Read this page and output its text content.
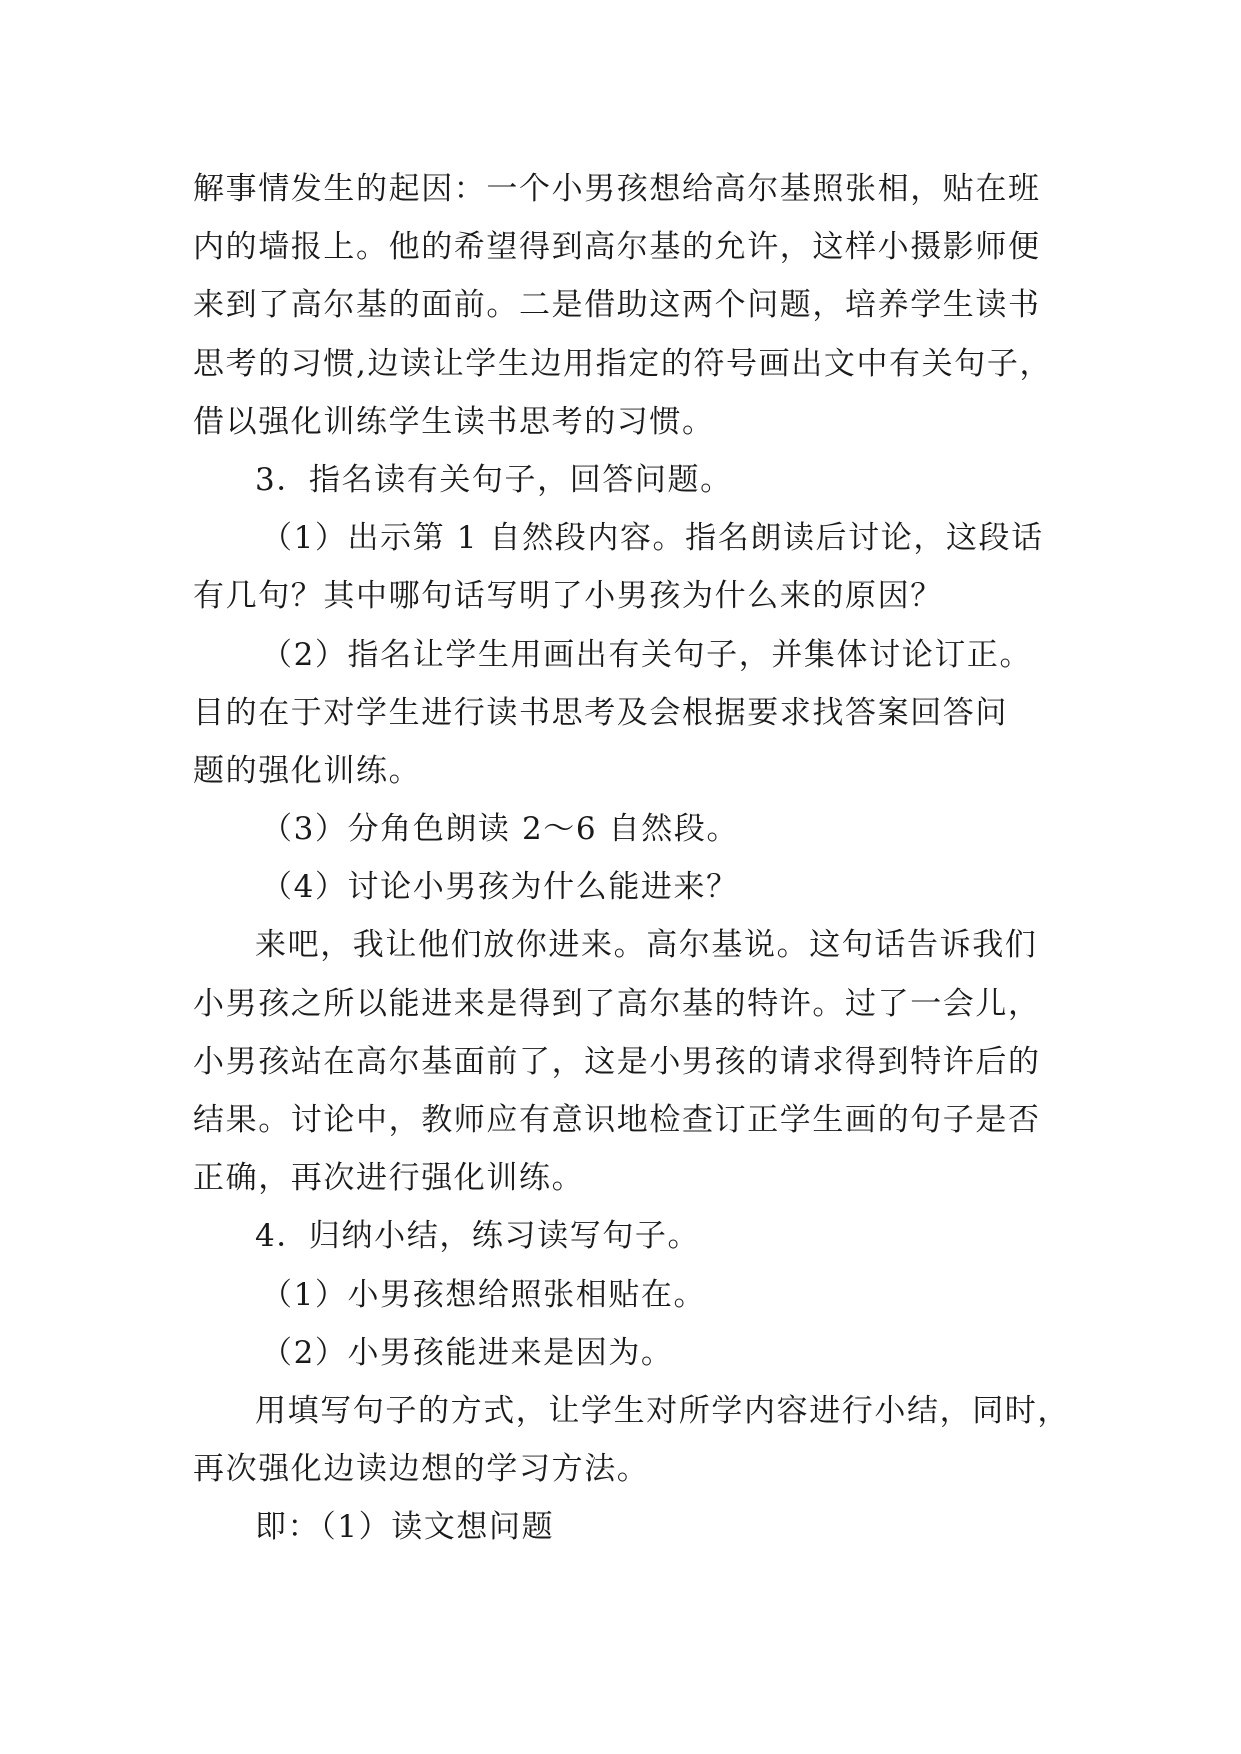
解事情发生的起因：一个小男孩想给高尔基照张相，贴在班
内的墙报上。他的希望得到高尔基的允许，这样小摄影师便
来到了高尔基的面前。二是借助这两个问题，培养学生读书
思考的习惯,边读让学生边用指定的符号画出文中有关句子，
借以强化训练学生读书思考的习惯。
3．指名读有关句子，回答问题。
（1）出示第 1 自然段内容。指名朗读后讨论，这段话
有几句？其中哪句话写明了小男孩为什么来的原因？
（2）指名让学生用画出有关句子，并集体讨论订正。
目的在于对学生进行读书思考及会根据要求找答案回答问
题的强化训练。
（3）分角色朗读 2～6 自然段。
（4）讨论小男孩为什么能进来？
来吧，我让他们放你进来。高尔基说。这句话告诉我们
小男孩之所以能进来是得到了高尔基的特许。过了一会儿，
小男孩站在高尔基面前了，这是小男孩的请求得到特许后的
结果。讨论中，教师应有意识地检查订正学生画的句子是否
正确，再次进行强化训练。
4．归纳小结，练习读写句子。
（1）小男孩想给照张相贴在。
（2）小男孩能进来是因为。
用填写句子的方式，让学生对所学内容进行小结，同时，
再次强化边读边想的学习方法。
即：（1）读文想问题
